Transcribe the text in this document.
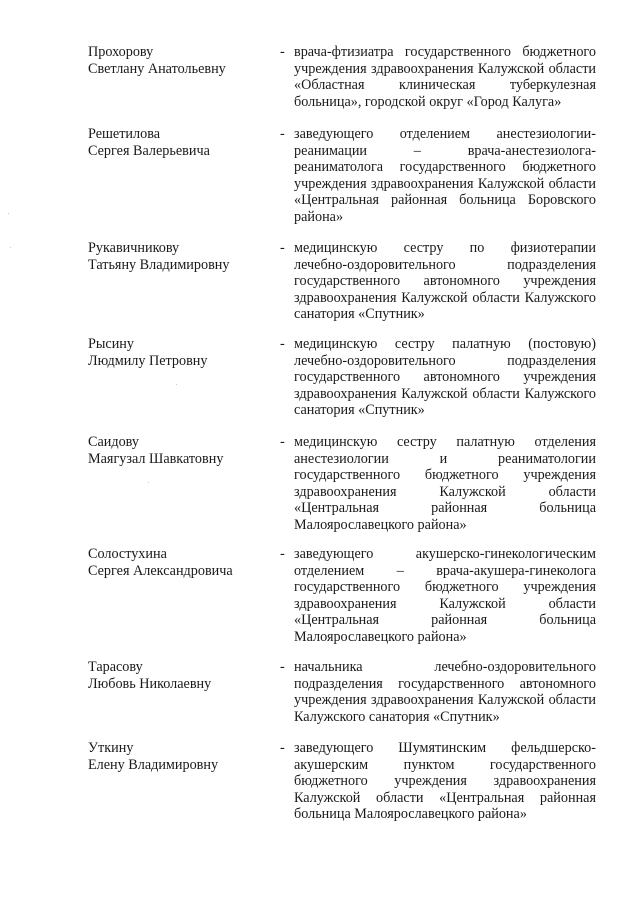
Прохорову
Светлану Анатольевну
- врача-фтизиатра государственного бюджетного
учреждения здравоохранения Калужской области
«Областная клиническая туберкулезная
больница», городской округ «Город Калуга»
Решетилова
Сергея Валерьевича
- заведующего отделением анестезиологии-
реанимации – врача-анестезиолога-
реаниматолога государственного бюджетного
учреждения здравоохранения Калужской области
«Центральная районная больница Боровского
района»
Рукавичникову
Татьяну Владимировну
- медицинскую сестру по физиотерапии
лечебно-оздоровительного подразделения
государственного автономного учреждения
здравоохранения Калужской области Калужского
санатория «Спутник»
Рысину
Людмилу Петровну
- медицинскую сестру палатную (постовую)
лечебно-оздоровительного подразделения
государственного автономного учреждения
здравоохранения Калужской области Калужского
санатория «Спутник»
Саидову
Маягузал Шавкатовну
- медицинскую сестру палатную отделения
анестезиологии и реаниматологии
государственного бюджетного учреждения
здравоохранения Калужской области
«Центральная районная больница
Малоярославецкого района»
Солостухина
Сергея Александровича
- заведующего акушерско-гинекологическим
отделением – врача-акушера-гинеколога
государственного бюджетного учреждения
здравоохранения Калужской области
«Центральная районная больница
Малоярославецкого района»
Тарасову
Любовь Николаевну
- начальника лечебно-оздоровительного
подразделения государственного автономного
учреждения здравоохранения Калужской области
Калужского санатория «Спутник»
Уткину
Елену Владимировну
- заведующего Шумятинским фельдшерско-
акушерским пунктом государственного
бюджетного учреждения здравоохранения
Калужской области «Центральная районная
больница Малоярославецкого района»
